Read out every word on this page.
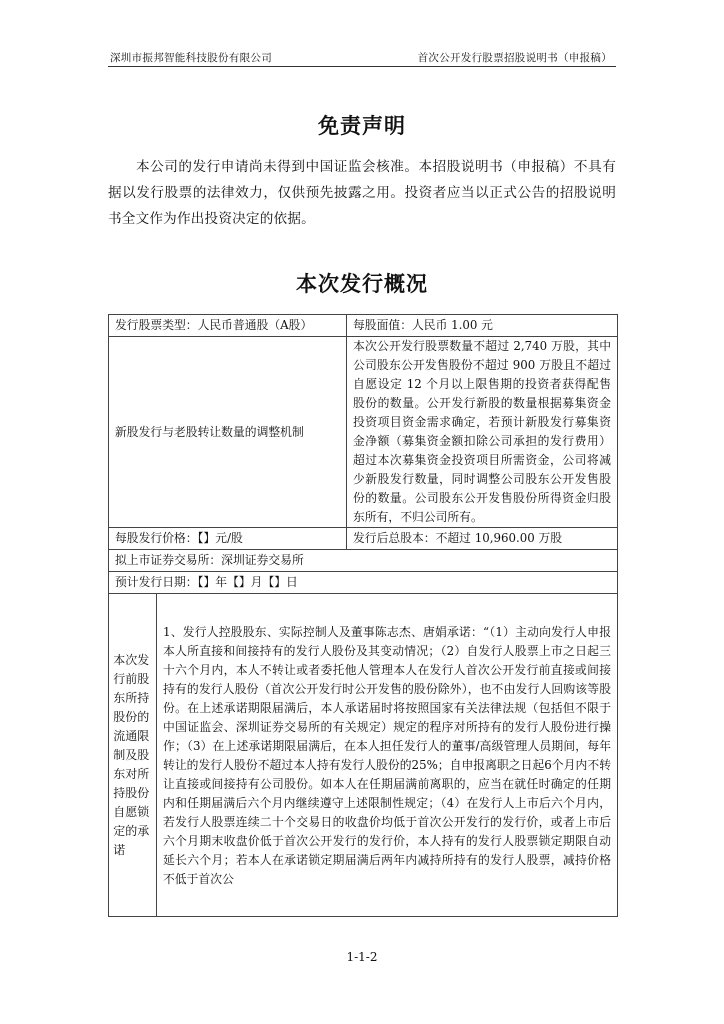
深圳市振邦智能科技股份有限公司	首次公开发行股票招股说明书（申报稿）
免责声明
本公司的发行申请尚未得到中国证监会核准。本招股说明书（申报稿）不具有据以发行股票的法律效力，仅供预先披露之用。投资者应当以正式公告的招股说明书全文作为作出投资决定的依据。
本次发行概况
发行股票类型：人民币普通股（A股）		每股面值：人民币 1.00 元
新股发行与老股转让数量的调整机制		本次公开发行股票数量不超过 2,740 万股，其中公司股东公开发售股份不超过 900 万股且不超过自愿设定 12 个月以上限售期的投资者获得配售股份的数量。公开发行新股的数量根据募集资金投资项目资金需求确定，若预计新股发行募集资金净额（募集资金额扣除公司承担的发行费用）超过本次募集资金投资项目所需资金，公司将减少新股发行数量，同时调整公司股东公开发售股份的数量。公司股东公开发售股份所得资金归股东所有，不归公司所有。
每股发行价格：【】元/股		发行后总股本：不超过 10,960.00 万股
拟上市证券交易所：深圳证券交易所		
预计发行日期：【】年【】月【】日		
本次发行前股东所持股份的流通限制及股东对所持股份自愿锁定的承诺	1、发行人控股股东、实际控制人及董事陈志杰、唐娟承诺：“（1）主动向发行人申报本人所直接和间接持有的发行人股份及其变动情况；（2）自发行人股票上市之日起三十六个月内，本人不转让或者委托他人管理本人在发行人首次公开发行前直接或间接持有的发行人股份（首次公开发行时公开发售的股份除外），也不由发行人回购该等股份。在上述承诺期限届满后，本人承诺届时将按照国家有关法律法规（包括但不限于中国证监会、深圳证券交易所的有关规定）规定的程序对所持有的发行人股份进行操作；（3）在上述承诺期限届满后，在本人担任发行人的董事/高级管理人员期间，每年转让的发行人股份不超过本人持有发行人股份的25%；自申报离职之日起6个月内不转让直接或间接持有公司股份。如本人在任期届满前离职的，应当在就任时确定的任期内和任期届满后六个月内继续遵守上述限制性规定；（4）在发行人上市后六个月内，若发行人股票连续二十个交易日的收盘价均低于首次公开发行的发行价，或者上市后六个月期末收盘价低于首次公开发行的发行价，本人持有的发行人股票锁定期限自动延长六个月；若本人在承诺锁定期届满后两年内减持所持有的发行人股票，减持价格不低于首次公	
1-1-2
